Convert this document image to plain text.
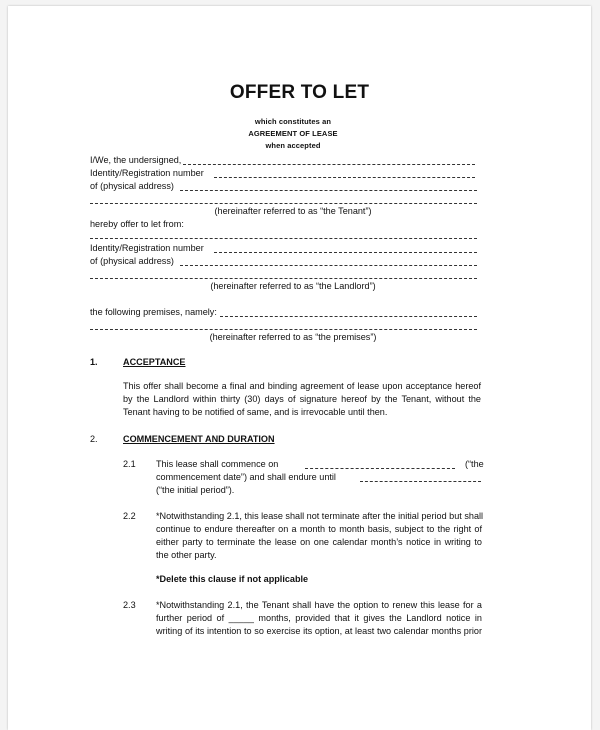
OFFER TO LET
which constitutes an
AGREEMENT OF LEASE
when accepted
I/We, the undersigned,
Identity/Registration number
of (physical address)
(hereinafter referred to as “the Tenant”)
hereby offer to let from:
Identity/Registration number
of (physical address)
(hereinafter referred to as “the Landlord”)
the following premises, namely:
(hereinafter referred to as “the premises”)
1.	ACCEPTANCE
This offer shall become a final and binding agreement of lease upon acceptance hereof
by the Landlord within thirty (30) days of signature hereof by the Tenant, without the
Tenant having to be notified of same, and is irrevocable until then.
2.	COMMENCEMENT AND DURATION
2.1 This lease shall commence on	(“the
commencement date”) and shall endure until
(“the initial period”).
2.2 *Notwithstanding 2.1, this lease shall not terminate after the initial period but shall
continue to endure thereafter on a month to month basis, subject to the right of
either party to terminate the lease on one calendar month’s notice in writing to
the other party.
*Delete this clause if not applicable
2.3 *Notwithstanding 2.1, the Tenant shall have the option to renew this lease for a
further period of _____ months, provided that it gives the Landlord notice in
writing of its intention to so exercise its option, at least two calendar months prior
